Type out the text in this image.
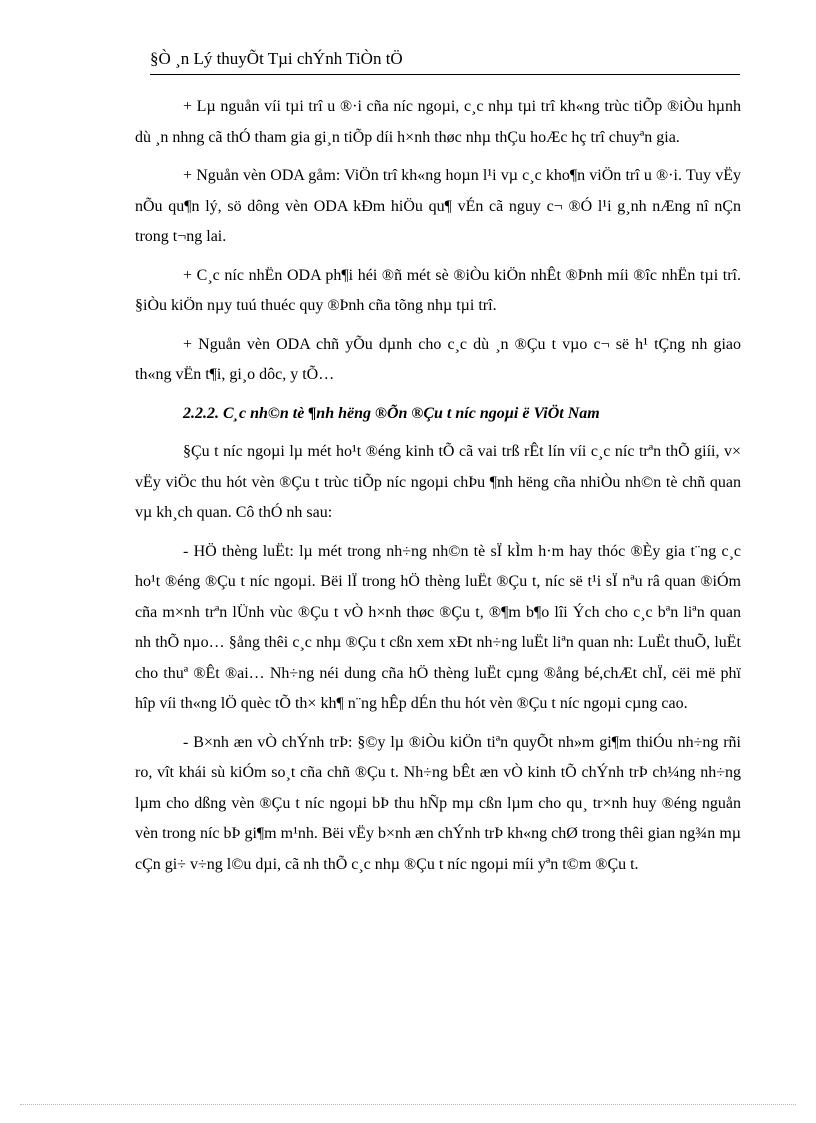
§Ò ¸n Lý thuyÕt Tµi chÝnh TiÒn tÖ

+ Lµ nguån víi tµi trî u ®·i cña níc ngoµi, c¸c nhµ tµi trî kh«ng trùc tiÕp ®iÒu hµnh dù ¸n nhng cã thÓ tham gia gi¸n tiÕp díi h×nh thøc nhµ thÇu hoÆc hç trî chuyªn gia.

+ Nguån vèn ODA gåm: ViÖn trî kh«ng hoµn l¹i vµ c¸c kho¶n viÖn trî u ®·i. Tuy vËy nÕu qu¶n lý, sö dông vèn ODA kÐm hiÖu qu¶ vÉn cã nguy c¬ ®Ó l¹i g¸nh nÆng nî nÇn trong t¬ng lai.

+ C¸c níc nhËn ODA ph¶i héi ®ñ mét sè ®iÒu kiÖn nhÊt ®Þnh míi ®îc nhËn tµi trî. §iÒu kiÖn nµy tuú thuéc quy ®Þnh cña tõng nhµ tµi trî.

+ Nguån vèn ODA chñ yÕu dµnh cho c¸c dù ¸n ®Çu t vµo c¬ së h¹ tÇng nh giao th«ng vËn t¶i, gi¸o dôc, y tÕ…

2.2.2. C¸c nh©n tè ¶nh hëng ®Õn ®Çu t níc ngoµi ë ViÖt Nam

§Çu t níc ngoµi lµ mét ho¹t ®éng kinh tÕ cã vai trß rÊt lín víi c¸c níc trªn thÕ giíi, v× vËy viÖc thu hót vèn ®Çu t trùc tiÕp níc ngoµi chÞu ¶nh hëng cña nhiÒu nh©n tè chñ quan vµ kh¸ch quan. Cô thÓ nh sau:

- HÖ thèng luËt: lµ mét trong nh÷ng nh©n tè sÏ kÌm h·m hay thóc ®Èy gia t¨ng c¸c ho¹t ®éng ®Çu t níc ngoµi. Bëi lÏ trong hÖ thèng luËt ®Çu t, níc së t¹i sÏ nªu râ quan ®iÓm cña m×nh trªn lÜnh vùc ®Çu t vÒ h×nh thøc ®Çu t, ®¶m b¶o lîi Ých cho c¸c bªn liªn quan nh thÕ nµo… §ång thêi c¸c nhµ ®Çu t cßn xem xÐt nh÷ng luËt liªn quan nh: LuËt thuÕ, luËt cho thuª ®Êt ®ai… Nh÷ng néi dung cña hÖ thèng luËt cµng ®ång bé,chÆt chÏ, cëi më phï hîp víi th«ng lÖ quèc tÕ th× kh¶ n¨ng hÊp dÉn thu hót vèn ®Çu t níc ngoµi cµng cao.

- B×nh æn vÒ chÝnh trÞ: §©y lµ ®iÒu kiÖn tiªn quyÕt nh»m gi¶m thiÓu nh÷ng rñi ro, vît khái sù kiÓm so¸t cña chñ ®Çu t. Nh÷ng bÊt æn vÒ kinh tÕ chÝnh trÞ ch¼ng nh÷ng lµm cho dßng vèn ®Çu t níc ngoµi bÞ thu hÑp mµ cßn lµm cho qu¸ tr×nh huy ®éng nguån vèn trong níc bÞ gi¶m m¹nh. Bëi vËy b×nh æn chÝnh trÞ kh«ng chØ trong thêi gian ng¾n mµ cÇn gi÷ v÷ng l©u dµi, cã nh thÕ c¸c nhµ ®Çu t níc ngoµi míi yªn t©m ®Çu t.
